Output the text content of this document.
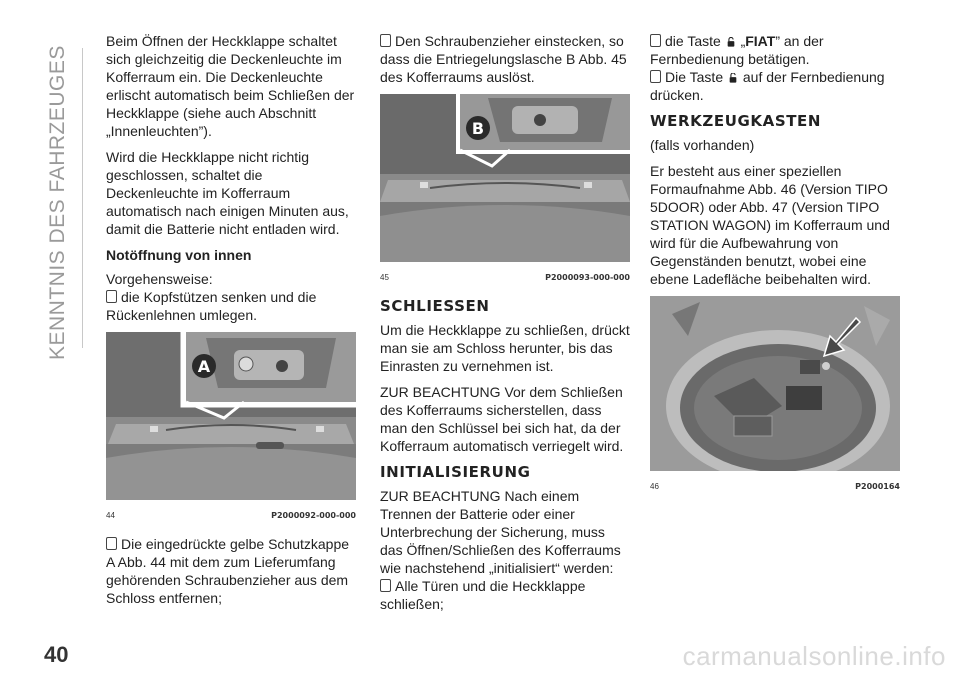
KENNTNIS DES FAHRZEUGES
40

Beim Öffnen der Heckklappe schaltet sich gleichzeitig die Deckenleuchte im Kofferraum ein. Die Deckenleuchte erlischt automatisch beim Schließen der Heckklappe (siehe auch Abschnitt „Innenleuchten”).

Wird die Heckklappe nicht richtig geschlossen, schaltet die Deckenleuchte im Kofferraum automatisch nach einigen Minuten aus, damit die Batterie nicht entladen wird.

Notöffnung von innen

Vorgehensweise:

die Kopfstützen senken und die Rückenlehnen umlegen.

A
44	P2000092-000-000

Die eingedrückte gelbe Schutzkappe A Abb. 44 mit dem zum Lieferumfang gehörenden Schraubenzieher aus dem Schloss entfernen;

Den Schraubenzieher einstecken, so dass die Entriegelungslasche B Abb. 45 des Kofferraums auslöst.

B
45	P2000093-000-000
SCHLIESSEN

Um die Heckklappe zu schließen, drückt man sie am Schloss herunter, bis das Einrasten zu vernehmen ist.

ZUR BEACHTUNG Vor dem Schließen des Kofferraums sicherstellen, dass man den Schlüssel bei sich hat, da der Kofferraum automatisch verriegelt wird.

INITIALISIERUNG

ZUR BEACHTUNG Nach einem Trennen der Batterie oder einer Unterbrechung der Sicherung, muss das Öffnen/Schließen des Kofferraums wie nachstehend „initialisiert“ werden:

Alle Türen und die Heckklappe schließen;

die Taste „FIAT” an der Fernbedienung betätigen.

Die Taste auf der Fernbedienung drücken.

WERKZEUGKASTEN

(falls vorhanden)

Er besteht aus einer speziellen Formaufnahme Abb. 46 (Version TIPO 5DOOR) oder Abb. 47 (Version TIPO STATION WAGON) im Kofferraum und wird für die Aufbewahrung von Gegenständen benutzt, wobei eine ebene Ladefläche beibehalten wird.

46	P2000164
carmanualsonline.info
